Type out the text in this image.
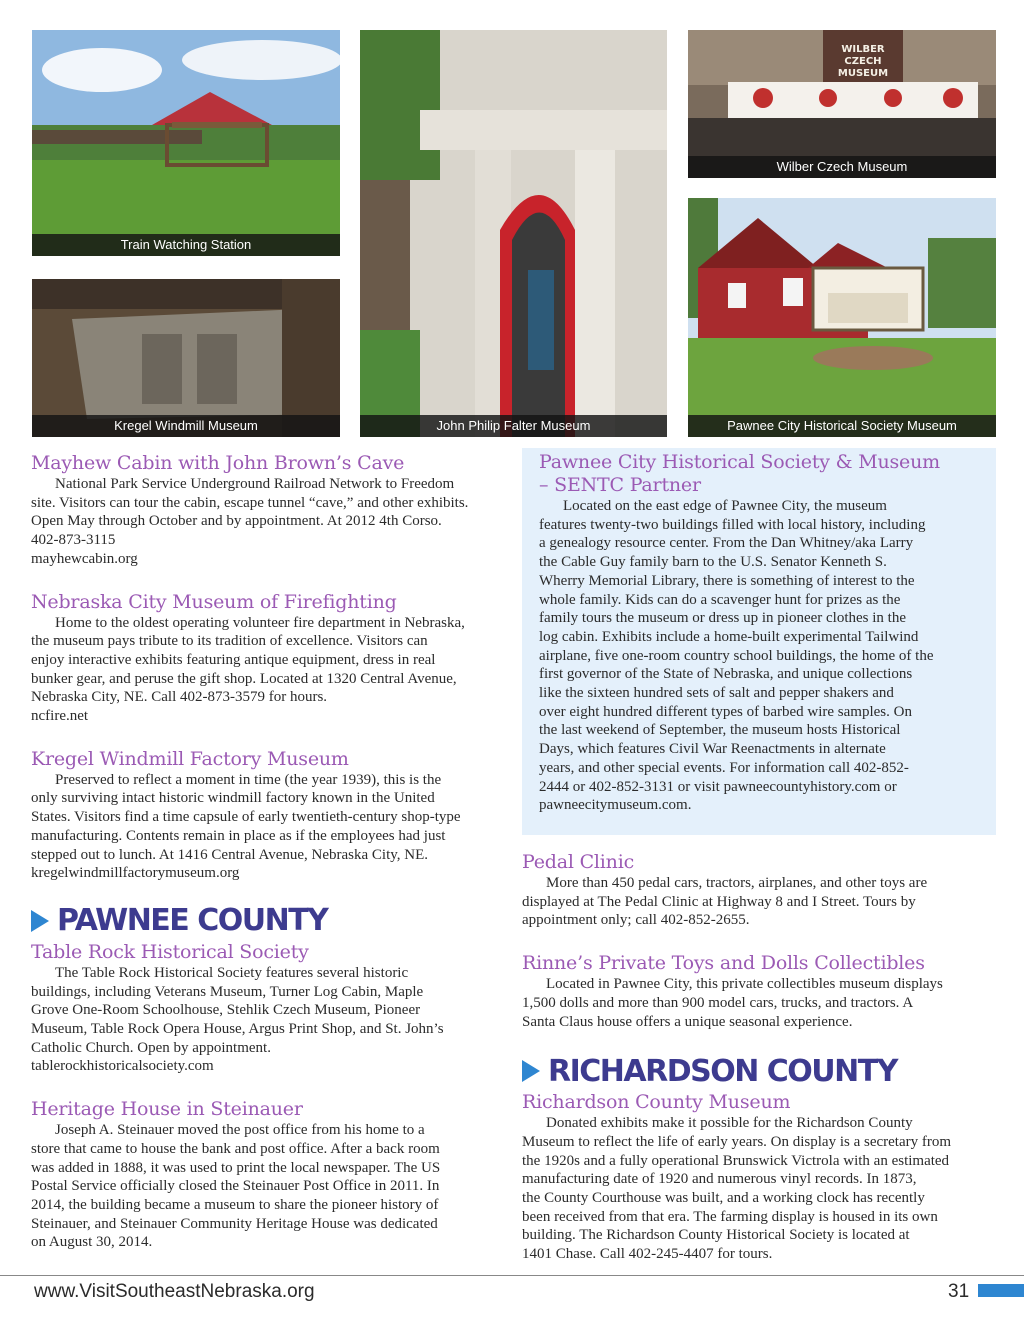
Train Watching Station
John Philip Falter Museum
WILBER
CZECH
MUSEUM
Wilber Czech Museum
Kregel Windmill Museum	Pawnee City Historical Society Museum
Mayhew Cabin with John Brown’s Cave

National Park Service Underground Railroad Network to Freedom

site. Visitors can tour the cabin, escape tunnel “cave,” and other exhibits.

Open May through October and by appointment. At 2012 4th Corso.

402-873-3115

mayhewcabin.org

Nebraska City Museum of Firefighting

Home to the oldest operating volunteer fire department in Nebraska,

the museum pays tribute to its tradition of excellence. Visitors can

enjoy interactive exhibits featuring antique equipment, dress in real

bunker gear, and peruse the gift shop. Located at 1320 Central Avenue,

Nebraska City, NE. Call 402-873-3579 for hours.

ncfire.net

Kregel Windmill Factory Museum

Preserved to reflect a moment in time (the year 1939), this is the

only surviving intact historic windmill factory known in the United

States. Visitors find a time capsule of early twentieth-century shop-type

manufacturing. Contents remain in place as if the employees had just

stepped out to lunch. At 1416 Central Avenue, Nebraska City, NE.

kregelwindmillfactorymuseum.org

PAWNEE COUNTY
Table Rock Historical Society

The Table Rock Historical Society features several historic

buildings, including Veterans Museum, Turner Log Cabin, Maple

Grove One-Room Schoolhouse, Stehlik Czech Museum, Pioneer

Museum, Table Rock Opera House, Argus Print Shop, and St. John’s

Catholic Church. Open by appointment.

tablerockhistoricalsociety.com

Heritage House in Steinauer

Joseph A. Steinauer moved the post office from his home to a

store that came to house the bank and post office. After a back room

was added in 1888, it was used to print the local newspaper. The US

Postal Service officially closed the Steinauer Post Office in 2011. In

2014, the building became a museum to share the pioneer history of

Steinauer, and Steinauer Community Heritage House was dedicated

on August 30, 2014.

Pawnee City Historical Society & Museum
– SENTC Partner

Located on the east edge of Pawnee City, the museum

features twenty-two buildings filled with local history, including

a genealogy resource center. From the Dan Whitney/aka Larry

the Cable Guy family barn to the U.S. Senator Kenneth S.

Wherry Memorial Library, there is something of interest to the

whole family. Kids can do a scavenger hunt for prizes as the

family tours the museum or dress up in pioneer clothes in the

log cabin. Exhibits include a home-built experimental Tailwind

airplane, five one-room country school buildings, the home of the

first governor of the State of Nebraska, and unique collections

like the sixteen hundred sets of salt and pepper shakers and

over eight hundred different types of barbed wire samples. On

the last weekend of September, the museum hosts Historical

Days, which features Civil War Reenactments in alternate

years, and other special events. For information call 402-852-

2444 or 402-852-3131 or visit pawneecountyhistory.com or

pawneecitymuseum.com.

Pedal Clinic

More than 450 pedal cars, tractors, airplanes, and other toys are

displayed at The Pedal Clinic at Highway 8 and I Street. Tours by

appointment only; call 402-852-2655.

Rinne’s Private Toys and Dolls Collectibles

Located in Pawnee City, this private collectibles museum displays

1,500 dolls and more than 900 model cars, trucks, and tractors. A

Santa Claus house offers a unique seasonal experience.

RICHARDSON COUNTY
Richardson County Museum

Donated exhibits make it possible for the Richardson County

Museum to reflect the life of early years. On display is a secretary from

the 1920s and a fully operational Brunswick Victrola with an estimated

manufacturing date of 1920 and numerous vinyl records. In 1873,

the County Courthouse was built, and a working clock has recently

been received from that era. The farming display is housed in its own

building. The Richardson County Historical Society is located at

1401 Chase. Call 402-245-4407 for tours.

www.VisitSoutheastNebraska.org	31
